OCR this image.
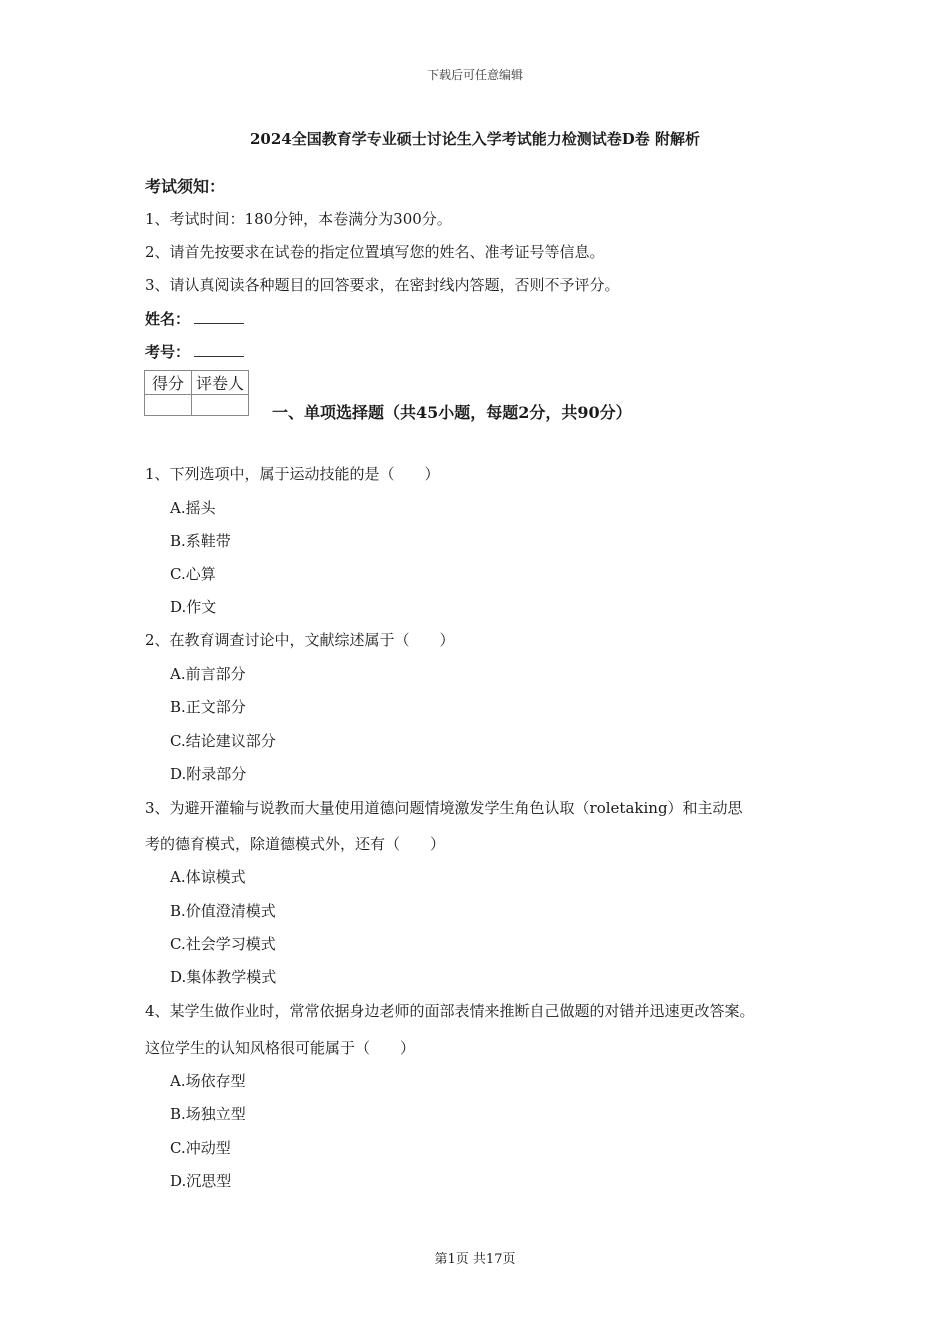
下载后可任意编辑
2024全国教育学专业硕士讨论生入学考试能力检测试卷D卷 附解析
考试须知：
1、考试时间：180分钟，本卷满分为300分。
2、请首先按要求在试卷的指定位置填写您的姓名、准考证号等信息。
3、请认真阅读各种题目的回答要求，在密封线内答题，否则不予评分。
姓名：
考号：
得分	评卷人

一、单项选择题（共45小题，每题2分，共90分）
1、下列选项中，属于运动技能的是（　　）
A.摇头
B.系鞋带
C.心算
D.作文
2、在教育调查讨论中，文献综述属于（　　）
A.前言部分
B.正文部分
C.结论建议部分
D.附录部分
3、为避开灌输与说教而大量使用道德问题情境激发学生角色认取（roletaking）和主动思
考的德育模式，除道德模式外，还有（　　）
A.体谅模式
B.价值澄清模式
C.社会学习模式
D.集体教学模式
4、某学生做作业时，常常依据身边老师的面部表情来推断自己做题的对错并迅速更改答案。
这位学生的认知风格很可能属于（　　）
A.场依存型
B.场独立型
C.冲动型
D.沉思型
第1页 共17页
